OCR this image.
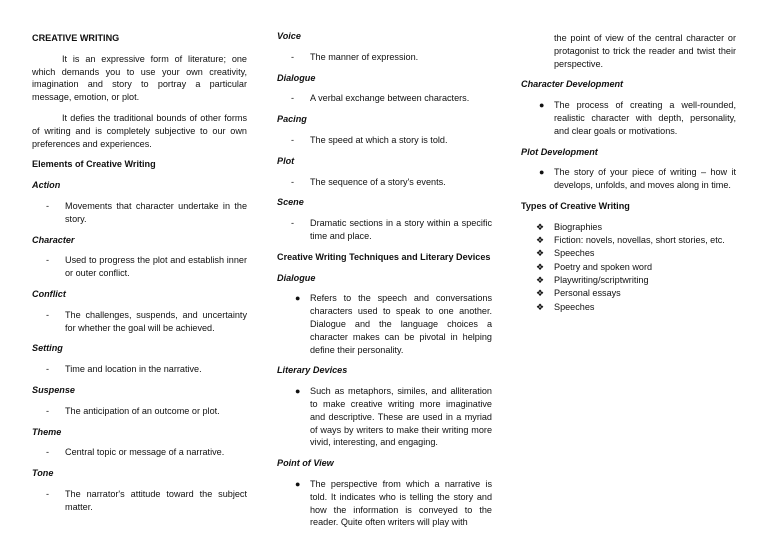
CREATIVE WRITING

It is an expressive form of literature; one which demands you to use your own creativity, imagination and story to portray a particular message, emotion, or plot.

It defies the traditional bounds of other forms of writing and is completely subjective to our own preferences and experiences.

Elements of Creative Writing
Action
- Movements that character undertake in the story.
Character
- Used to progress the plot and establish inner or outer conflict.
Conflict
- The challenges, suspends, and uncertainty for whether the goal will be achieved.
Setting
- Time and location in the narrative.
Suspense
- The anticipation of an outcome or plot.
Theme
- Central topic or message of a narrative.
Tone
- The narrator's attitude toward the subject matter.
Voice
- The manner of expression.
Dialogue
- A verbal exchange between characters.
Pacing
- The speed at which a story is told.
Plot
- The sequence of a story's events.
Scene
- Dramatic sections in a story within a specific time and place.
Creative Writing Techniques and Literary Devices
Dialogue
● Refers to the speech and conversations characters used to speak to one another. Dialogue and the language choices a character makes can be pivotal in helping define their personality.
Literary Devices
● Such as metaphors, similes, and alliteration to make creative writing more imaginative and descriptive. These are used in a myriad of ways by writers to make their writing more vivid, interesting, and engaging.
Point of View
● The perspective from which a narrative is told. It indicates who is telling the story and how the information is conveyed to the reader. Quite often writers will play with
the point of view of the central character or protagonist to trick the reader and twist their perspective.
Character Development
● The process of creating a well-rounded, realistic character with depth, personality, and clear goals or motivations.
Plot Development
● The story of your piece of writing – how it develops, unfolds, and moves along in time.
Types of Creative Writing
❖ Biographies
❖ Fiction: novels, novellas, short stories, etc.
❖ Speeches
❖ Poetry and spoken word
❖ Playwriting/scriptwriting
❖ Personal essays
❖ Speeches
